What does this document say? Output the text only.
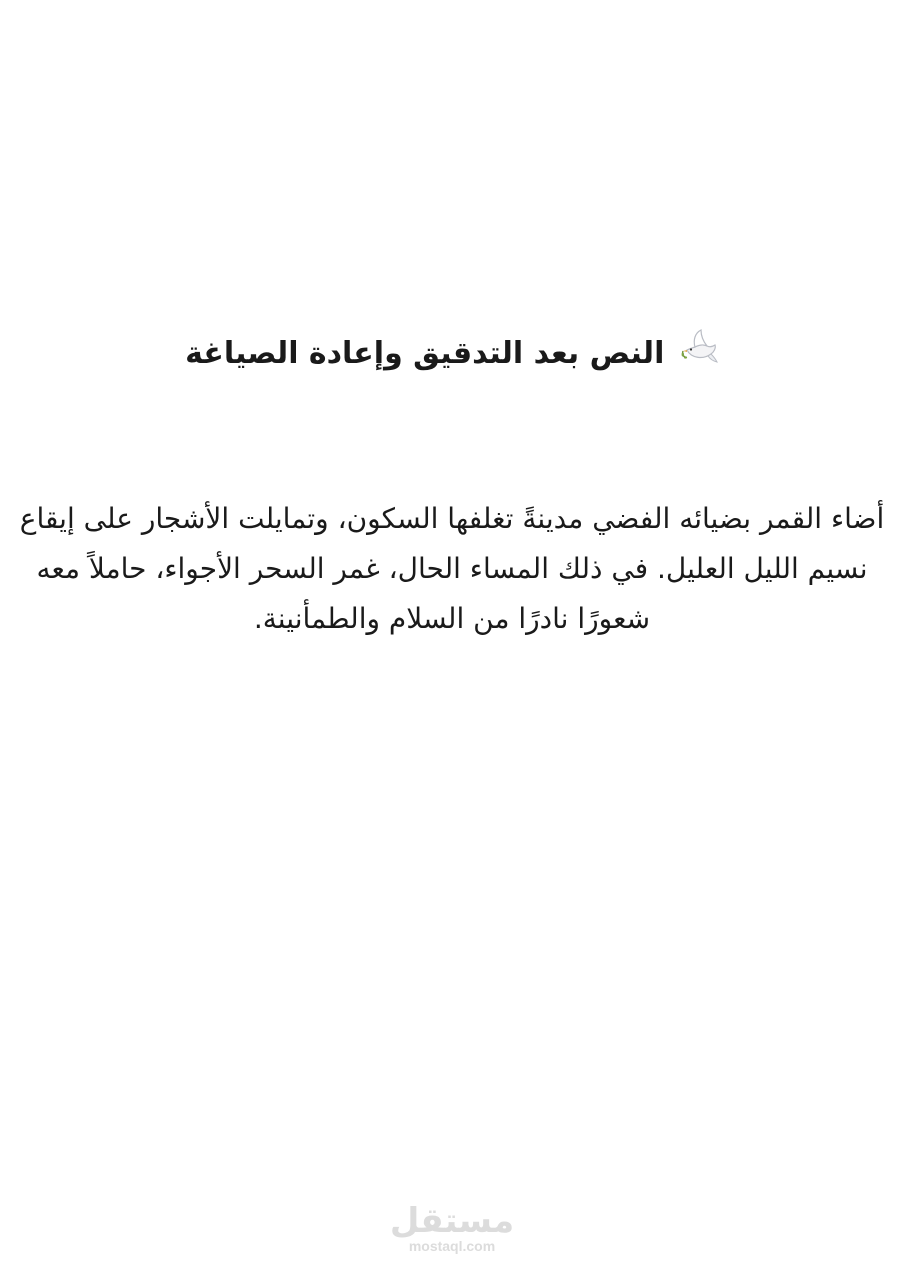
النص بعد التدقيق وإعادة الصياغة

أضاء القمر بضيائه الفضي مدينةً تغلفها السكون، وتمايلت الأشجار على إيقاع نسيم الليل العليل. في ذلك المساء الحال، غمر السحر الأجواء، حاملاً معه شعورًا نادرًا من السلام والطمأنينة.

مستقل
mostaql.com
